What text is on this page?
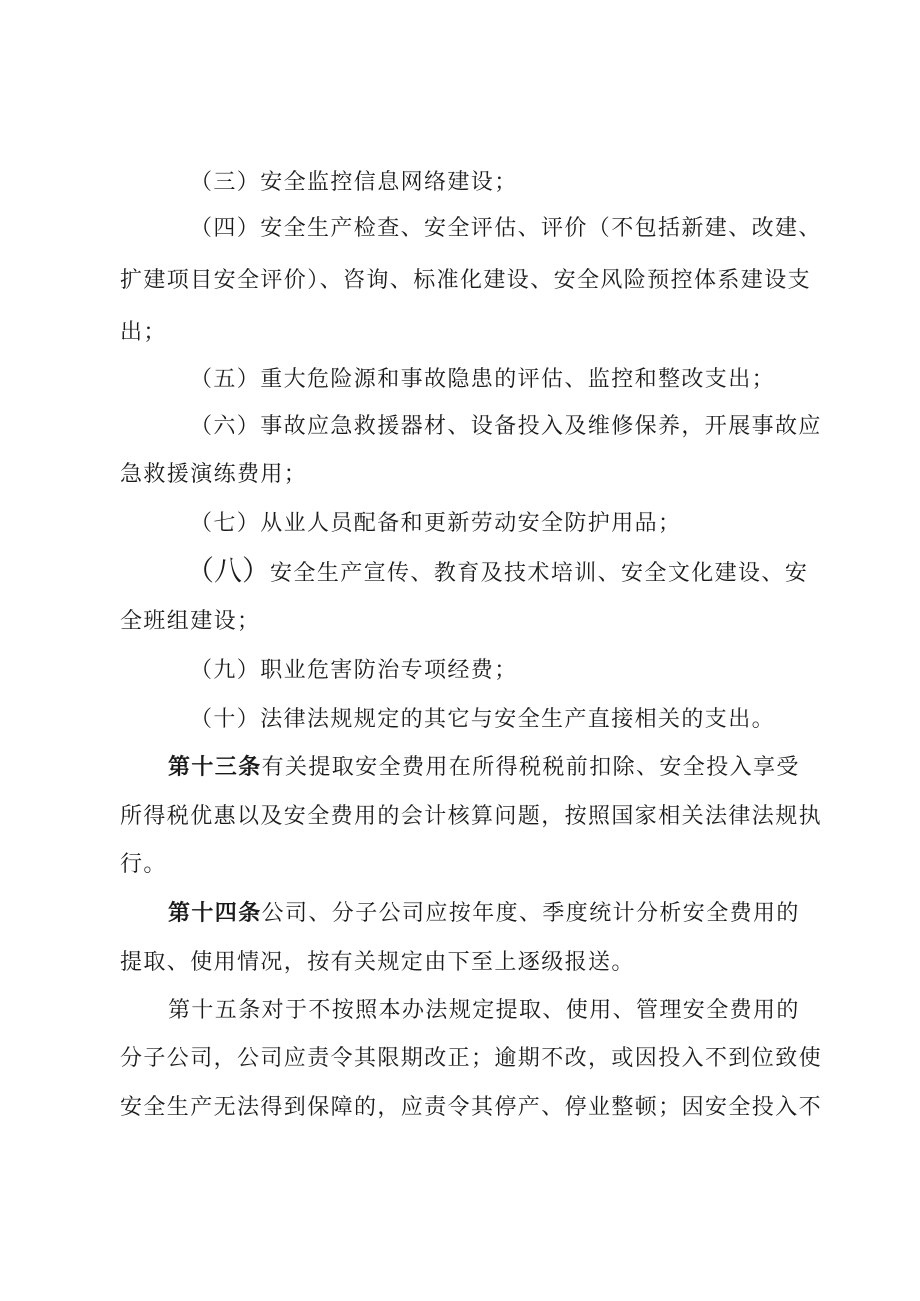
（三）安全监控信息网络建设；
（四）安全生产检查、安全评估、评价（不包括新建、改建、
扩建项目安全评价）、咨询、标准化建设、安全风险预控体系建设支
出；
（五）重大危险源和事故隐患的评估、监控和整改支出；
（六）事故应急救援器材、设备投入及维修保养，开展事故应
急救援演练费用；
（七）从业人员配备和更新劳动安全防护用品；
（八）安全生产宣传、教育及技术培训、安全文化建设、安
全班组建设；
（九）职业危害防治专项经费；
（十）法律法规规定的其它与安全生产直接相关的支出。
第十三条有关提取安全费用在所得税税前扣除、安全投入享受
所得税优惠以及安全费用的会计核算问题，按照国家相关法律法规执
行。
第十四条公司、分子公司应按年度、季度统计分析安全费用的
提取、使用情况，按有关规定由下至上逐级报送。
第十五条对于不按照本办法规定提取、使用、管理安全费用的
分子公司，公司应责令其限期改正；逾期不改，或因投入不到位致使
安全生产无法得到保障的，应责令其停产、停业整顿；因安全投入不
